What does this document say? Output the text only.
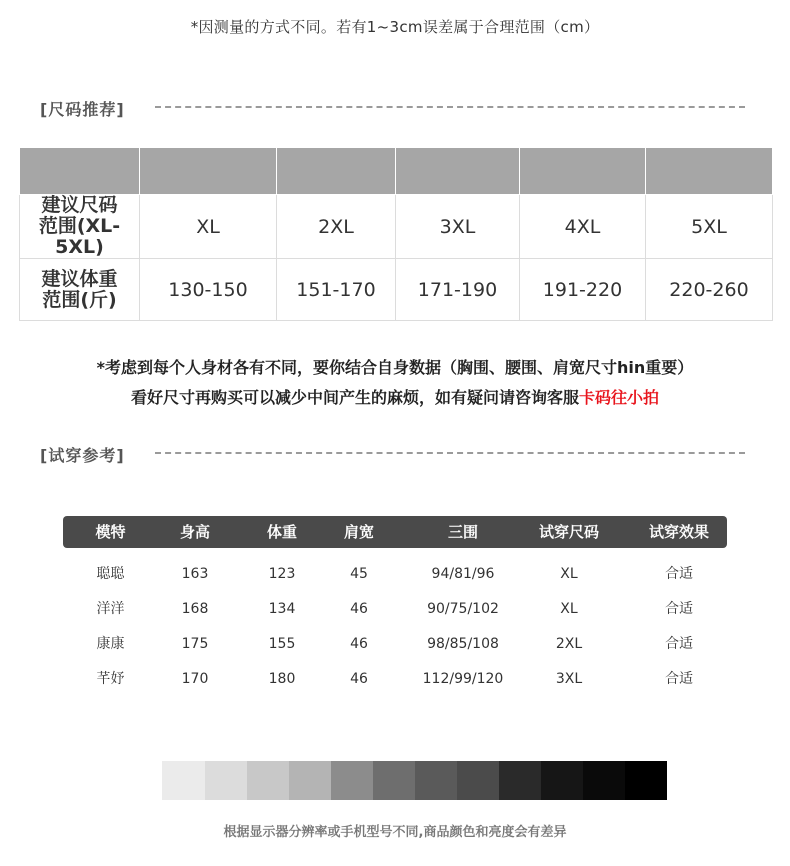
*因测量的方式不同。若有1~3cm误差属于合理范围（cm）
[尺码推荐]

建议尺码
范围(XL-5XL)	XL	2XL	3XL	4XL	5XL

建议体重
范围(斤)	130-150	151-170	171-190	191-220	220-260
*考虑到每个人身材各有不同，要你结合自身数据（胸围、腰围、肩宽尺寸hin重要）
看好尺寸再购买可以减少中间产生的麻烦，如有疑问请咨询客服卡码往小拍
[试穿参考]
模特	身高	体重	肩宽	三围	试穿尺码	试穿效果
聪聪	163	123	45	94/81/96	XL	合适
洋洋	168	134	46	90/75/102	XL	合适
康康	175	155	46	98/85/108	2XL	合适
芊妤	170	180	46	112/99/120	3XL	合适
根据显示器分辨率或手机型号不同,商品颜色和亮度会有差异
